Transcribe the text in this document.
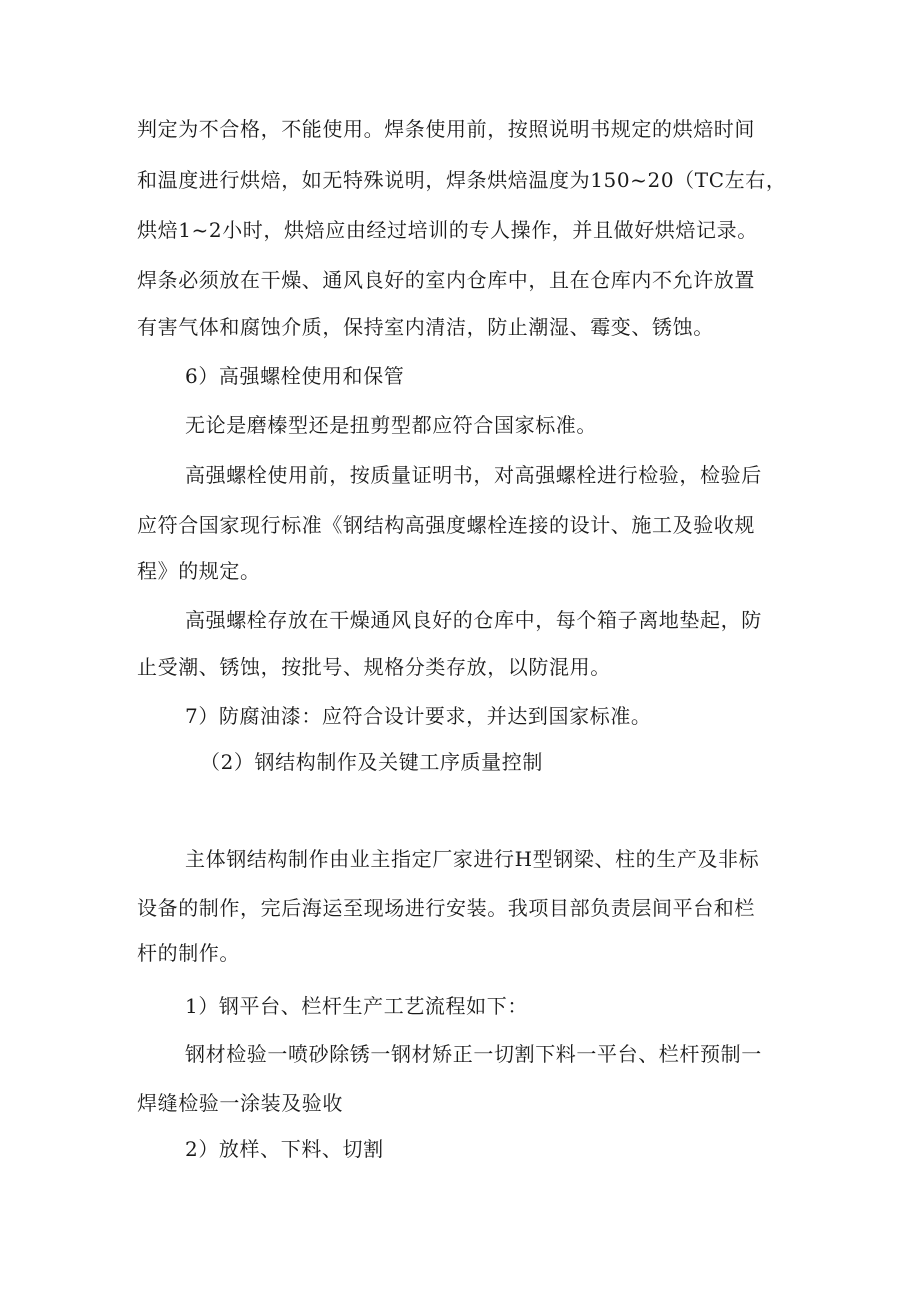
判定为不合格，不能使用。焊条使用前，按照说明书规定的烘焙时间
和温度进行烘焙，如无特殊说明，焊条烘焙温度为150~20（TC左右，
烘焙1~2小时，烘焙应由经过培训的专人操作，并且做好烘焙记录。
焊条必须放在干燥、通风良好的室内仓库中，且在仓库内不允许放置
有害气体和腐蚀介质，保持室内清洁，防止潮湿、霉变、锈蚀。
6）高强螺栓使用和保管
无论是磨榛型还是扭剪型都应符合国家标准。
高强螺栓使用前，按质量证明书，对高强螺栓进行检验，检验后
应符合国家现行标准《钢结构高强度螺栓连接的设计、施工及验收规
程》的规定。
高强螺栓存放在干燥通风良好的仓库中，每个箱子离地垫起，防
止受潮、锈蚀，按批号、规格分类存放，以防混用。
7）防腐油漆：应符合设计要求，并达到国家标准。
（2）钢结构制作及关键工序质量控制
主体钢结构制作由业主指定厂家进行H型钢梁、柱的生产及非标
设备的制作，完后海运至现场进行安装。我项目部负责层间平台和栏
杆的制作。
1）钢平台、栏杆生产工艺流程如下：
钢材检验一喷砂除锈一钢材矫正一切割下料一平台、栏杆预制一
焊缝检验一涂装及验收
2）放样、下料、切割
